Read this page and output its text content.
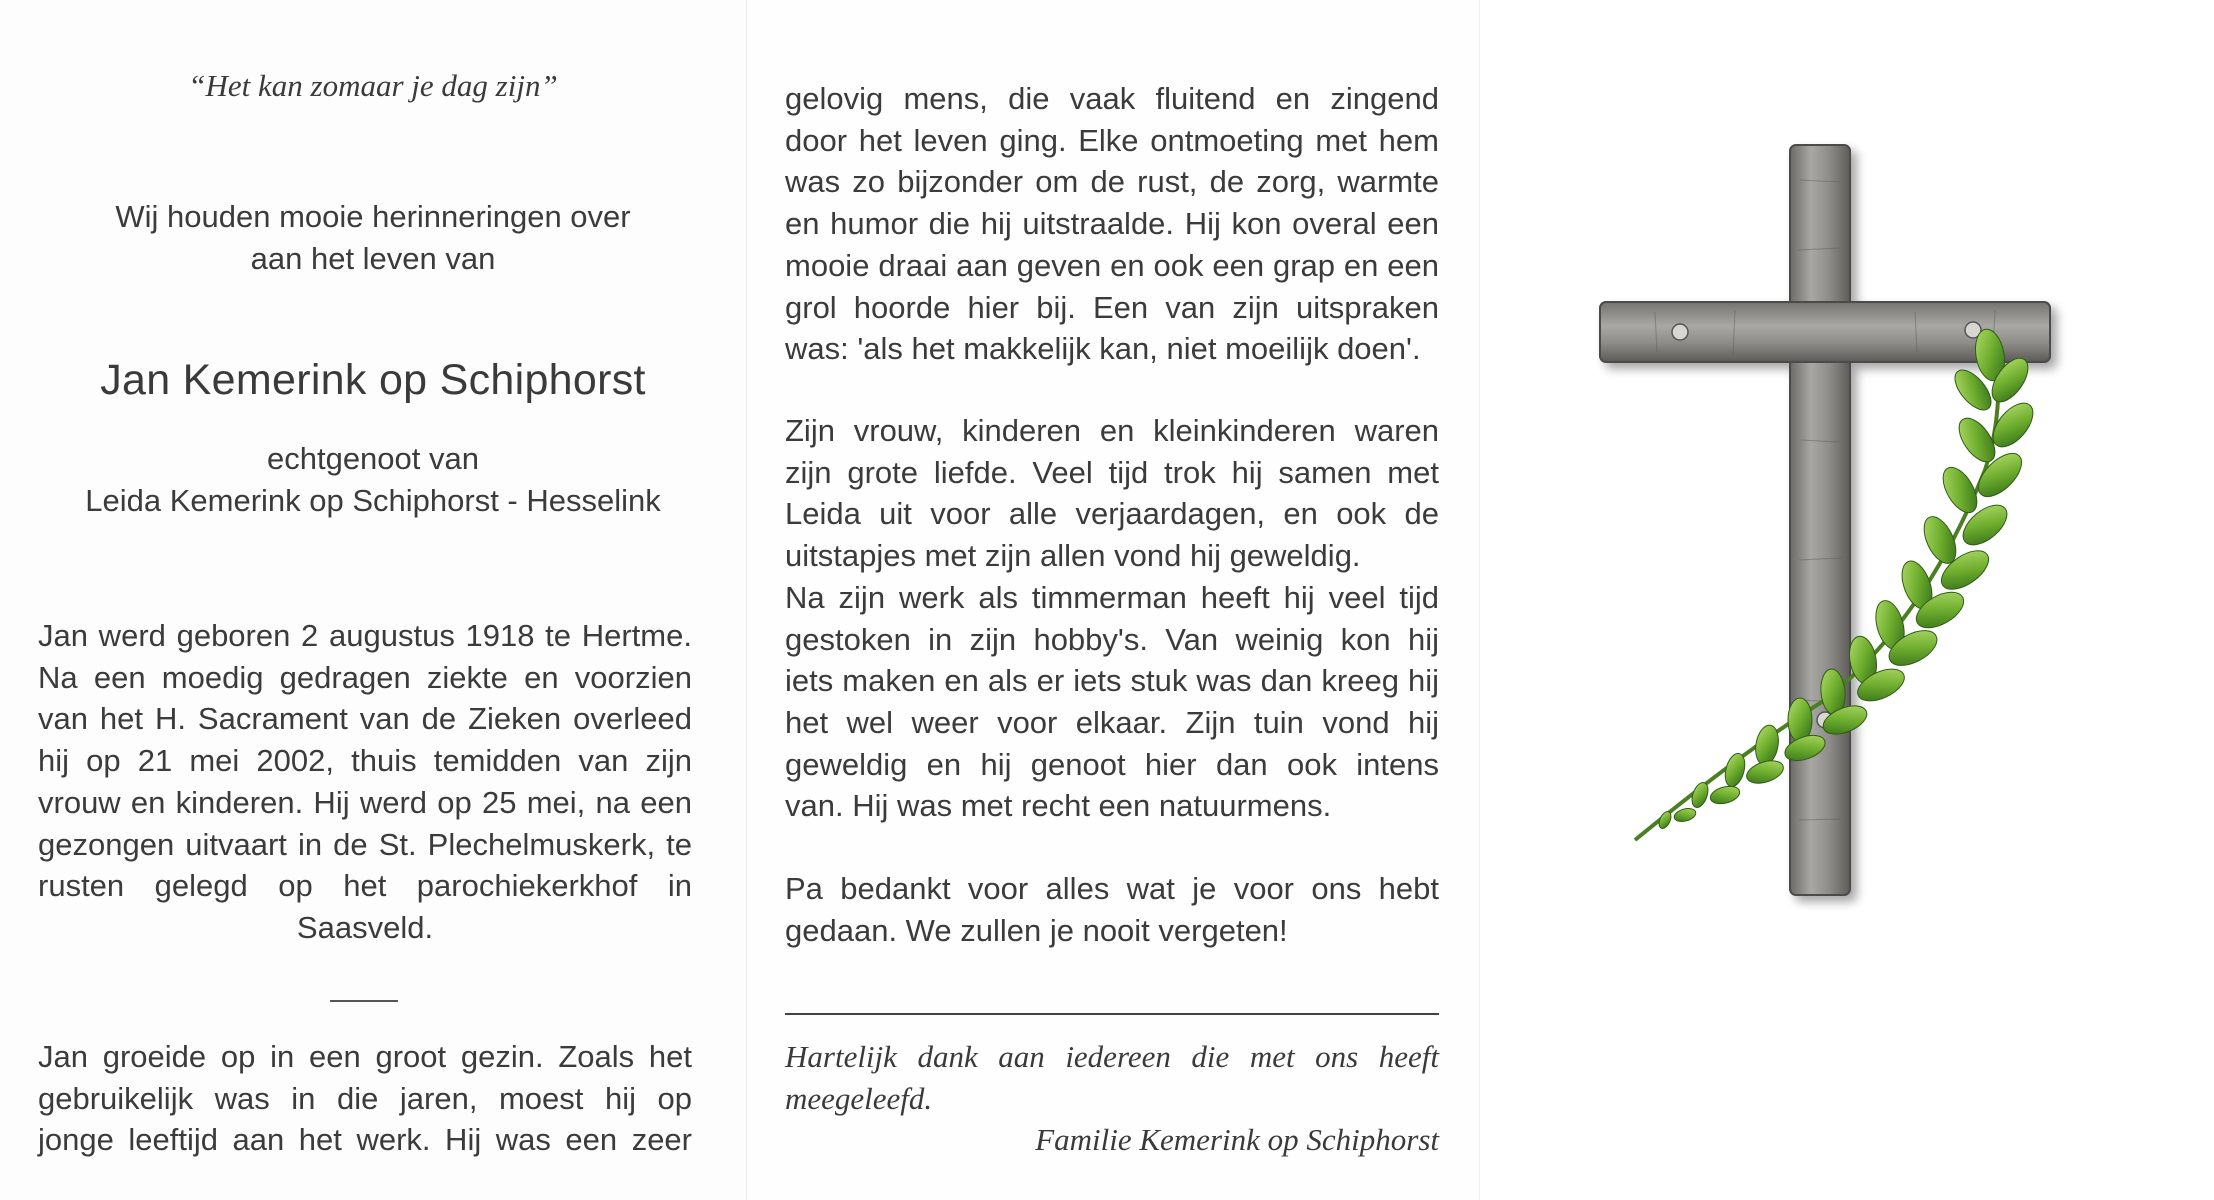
“Het kan zomaar je dag zijn”
Wij houden mooie herinneringen over
aan het leven van
Jan Kemerink op Schiphorst
echtgenoot van
Leida Kemerink op Schiphorst - Hesselink
Jan werd geboren 2 augustus 1918 te Hertme.
Na een moedig gedragen ziekte en voorzien
van het H. Sacrament van de Zieken overleed
hij op 21 mei 2002, thuis temidden van zijn
vrouw en kinderen. Hij werd op 25 mei, na een
gezongen uitvaart in de St. Plechelmuskerk, te
rusten gelegd op het parochiekerkhof in
Saasveld.
Jan groeide op in een groot gezin. Zoals het
gebruikelijk was in die jaren, moest hij op
jonge leeftijd aan het werk. Hij was een zeer
gelovig mens, die vaak fluitend en zingend
door het leven ging. Elke ontmoeting met hem
was zo bijzonder om de rust, de zorg, warmte
en humor die hij uitstraalde. Hij kon overal een
mooie draai aan geven en ook een grap en een
grol hoorde hier bij. Een van zijn uitspraken
was: 'als het makkelijk kan, niet moeilijk doen'.
Zijn vrouw, kinderen en kleinkinderen waren
zijn grote liefde. Veel tijd trok hij samen met
Leida uit voor alle verjaardagen, en ook de
uitstapjes met zijn allen vond hij geweldig.
Na zijn werk als timmerman heeft hij veel tijd
gestoken in zijn hobby's. Van weinig kon hij
iets maken en als er iets stuk was dan kreeg hij
het wel weer voor elkaar. Zijn tuin vond hij
geweldig en hij genoot hier dan ook intens
van. Hij was met recht een natuurmens.
Pa bedankt voor alles wat je voor ons hebt
gedaan. We zullen je nooit vergeten!
Hartelijk dank aan iedereen die met ons heeft
meegeleefd.
Familie Kemerink op Schiphorst
